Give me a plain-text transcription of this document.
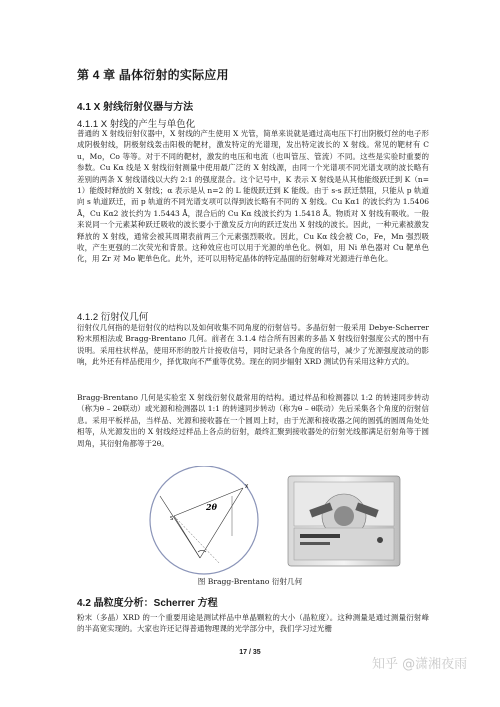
第 4 章 晶体衍射的实际应用
4.1 X 射线衍射仪器与方法
4.1.1 X 射线的产生与单色化

普通的 X 射线衍射仪器中，X 射线的产生使用 X 光管，简单来说就是通过高电压下打出阴极灯丝的电子形成阴极射线，阴极射线轰击阳极的靶材，激发特定的光谱现，发出特定波长的 X 射线。常见的靶材有 Cu，Mo，Co 等等。对于不同的靶材，激发的电压和电流（也叫管压、管流）不同。这些是实验时重要的参数。Cu Kα 线是 X 射线衍射测量中使用最广泛的 X 射线源，由同一个光谱项不同光谱支项的波长略有差别的两条 X 射线谱线以大约 2:1 的强度混合。这个记号中，K 表示 X 射线是从其他能级跃迁到 K（n=1）能级时释放的 X 射线；α 表示是从 n=2 的 L 能级跃迁到 K 能级。由于 s-s 跃迁禁阻，只能从 p 轨道向 s 轨道跃迁，而 p 轨道的不同光谱支项可以得到波长略有不同的 X 射线。Cu Kα1 的波长约为 1.5406Å，Cu Kα2 波长约为 1.5443 Å，混合后的 Cu Kα 线波长约为 1.5418 Å。物质对 X 射线有吸收。一般来说同一个元素某种跃迁吸收的波长要小于激发反方向的跃迁发出 X 射线的波长。因此，一种元素被激发释放的 X 射线，通常会被其周期表前两三个元素强烈吸收。因此，Cu Kα 线会被 Co，Fe，Mn 强烈吸收，产生更强的二次荧光和背景。这种效应也可以用于光源的单色化。例如，用 Ni 单色器对 Cu 靶单色化，用 Zr 对 Mo 靶单色化。此外，还可以用特定晶体的特定晶面的衍射峰对光源进行单色化。

4.1.2 衍射仪几何

衍射仪几何指的是衍射仪的结构以及如何收集不同角度的衍射信号。多晶衍射一般采用 Debye-Scherrer 粉末照相法或 Bragg-Brentano 几何。前者在 3.1.4 结合所有因素的多晶 X 射线衍射强度公式的图中有说明。采用柱状样品，使用环形的胶片计接收信号，同时记录各个角度的信号，减少了光源强度波动的影响，此外还有样品使用少，择优取向不严重等优势。现在的同步辐射 XRD 测试仍有采用这种方式的。

Bragg-Brentano 几何是实验室 X 射线衍射仪最常用的结构。通过样品和检测器以 1:2 的转速同步转动（称为θ – 2θ联动）或光源和检测器以 1:1 的转速同步转动（称为θ – θ联动）先后采集各个角度的衍射信息。采用平板样品，当样品、光源和接收器在一个圆周上时，由于光源和接收器之间的圆弧的圆周角处处相等，从光源发出的 X 射线经过样品上各点的衍射，最终汇聚到接收器处的衍射光线都满足衍射角等于圆周角，其衍射角都等于2θ。

2θ
S
X
图 Bragg-Brentano 衍射几何
4.2 晶粒度分析：Scherrer 方程

粉末（多晶）XRD 的一个重要用途是测试样品中单晶颗粒的大小（晶粒度）。这种测量是通过测量衍射峰的半高宽实现的。大家也许还记得普通物理课的光学部分中，我们学习过光栅

17 / 35
知乎 @潇湘夜雨
